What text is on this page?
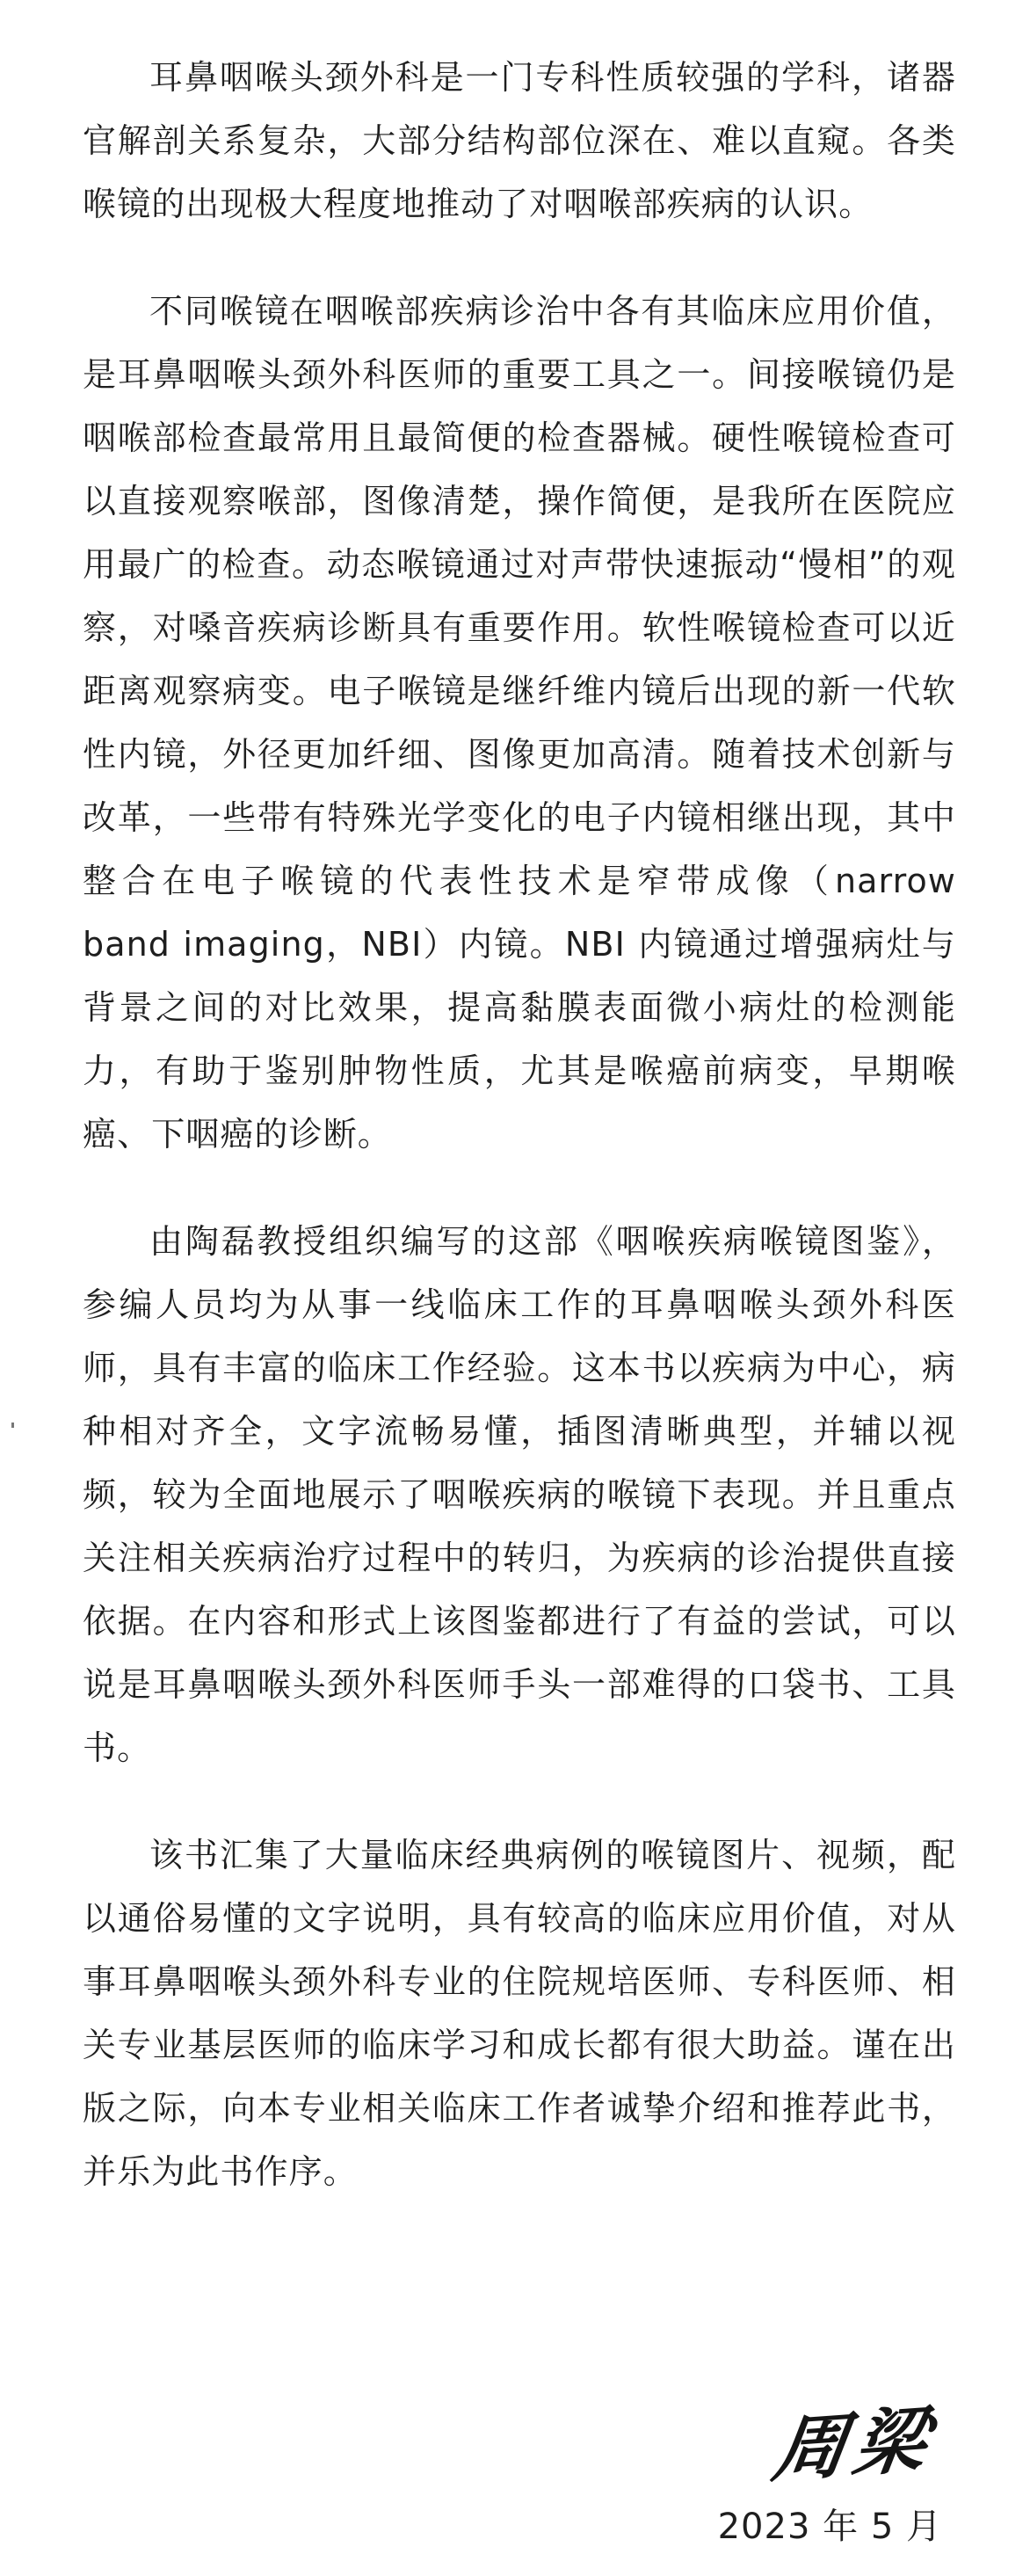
耳鼻咽喉头颈外科是一门专科性质较强的学科，诸器官解剖关系复杂，大部分结构部位深在、难以直窥。各类喉镜的出现极大程度地推动了对咽喉部疾病的认识。

不同喉镜在咽喉部疾病诊治中各有其临床应用价值，是耳鼻咽喉头颈外科医师的重要工具之一。间接喉镜仍是咽喉部检查最常用且最简便的检查器械。硬性喉镜检查可以直接观察喉部，图像清楚，操作简便，是我所在医院应用最广的检查。动态喉镜通过对声带快速振动“慢相”的观察，对嗓音疾病诊断具有重要作用。软性喉镜检查可以近距离观察病变。电子喉镜是继纤维内镜后出现的新一代软性内镜，外径更加纤细、图像更加高清。随着技术创新与改革，一些带有特殊光学变化的电子内镜相继出现，其中整合在电子喉镜的代表性技术是窄带成像（narrow band imaging，NBI）内镜。NBI 内镜通过增强病灶与背景之间的对比效果，提高黏膜表面微小病灶的检测能力，有助于鉴别肿物性质，尤其是喉癌前病变，早期喉癌、下咽癌的诊断。

由陶磊教授组织编写的这部《咽喉疾病喉镜图鉴》，参编人员均为从事一线临床工作的耳鼻咽喉头颈外科医师，具有丰富的临床工作经验。这本书以疾病为中心，病种相对齐全，文字流畅易懂，插图清晰典型，并辅以视频，较为全面地展示了咽喉疾病的喉镜下表现。并且重点关注相关疾病治疗过程中的转归，为疾病的诊治提供直接依据。在内容和形式上该图鉴都进行了有益的尝试，可以说是耳鼻咽喉头颈外科医师手头一部难得的口袋书、工具书。

该书汇集了大量临床经典病例的喉镜图片、视频，配以通俗易懂的文字说明，具有较高的临床应用价值，对从事耳鼻咽喉头颈外科专业的住院规培医师、专科医师、相关专业基层医师的临床学习和成长都有很大助益。谨在出版之际，向本专业相关临床工作者诚挚介绍和推荐此书，并乐为此书作序。

周梁
2023 年 5 月
